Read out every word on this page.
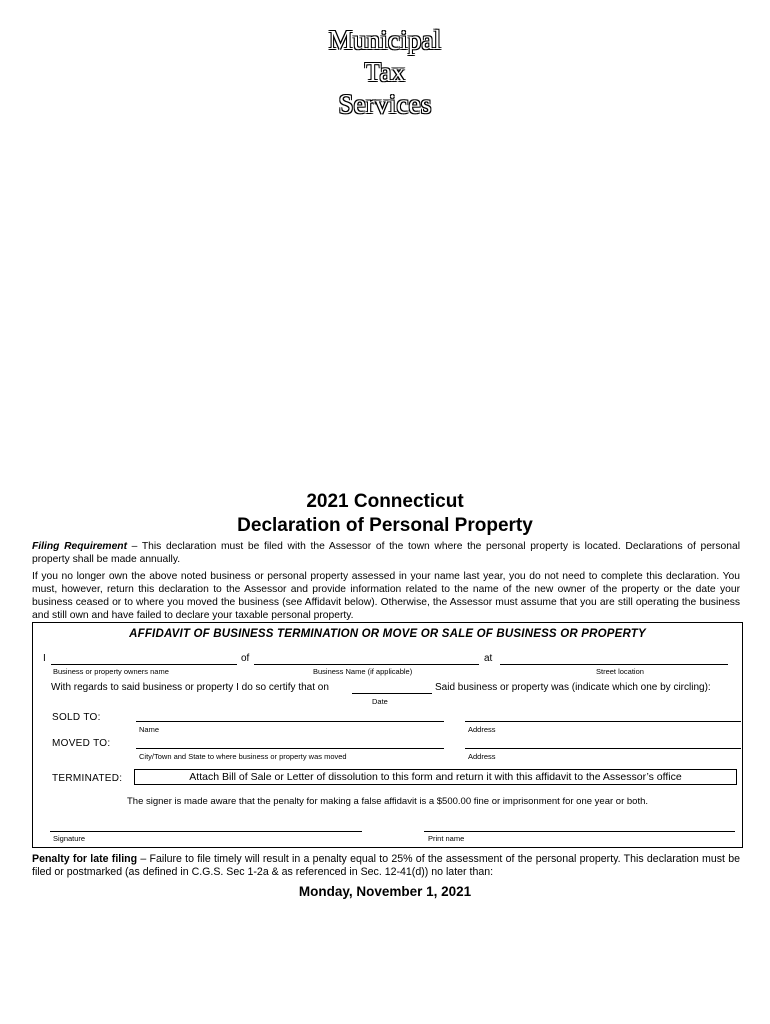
Municipal
Tax
Services
2021 Connecticut
Declaration of Personal Property
Filing Requirement – This declaration must be filed with the Assessor of the town where the personal property is located. Declarations of personal property shall be made annually.
If you no longer own the above noted business or personal property assessed in your name last year, you do not need to complete this declaration. You must, however, return this declaration to the Assessor and provide information related to the name of the new owner of the property or the date your business ceased or to where you moved the business (see Affidavit below). Otherwise, the Assessor must assume that you are still operating the business and still own and have failed to declare your taxable personal property.
AFFIDAVIT OF BUSINESS TERMINATION OR MOVE OR SALE OF BUSINESS OR PROPERTY
I	of	at
Business or property owners name	Business Name (if applicable)	Street location
With regards to said business or property I do so certify that on	Said business or property was (indicate which one by circling):
Date
SOLD TO:
Name	Address
MOVED TO:
City/Town and State to where business or property was moved	Address
TERMINATED:	Attach Bill of Sale or Letter of dissolution to this form and return it with this affidavit to the Assessor’s office
The signer is made aware that the penalty for making a false affidavit is a $500.00 fine or imprisonment for one year or both.
Signature	Print name
Penalty for late filing – Failure to file timely will result in a penalty equal to 25% of the assessment of the personal property. This declaration must be filed or postmarked (as defined in C.G.S. Sec 1-2a & as referenced in Sec. 12-41(d)) no later than:
Monday, November 1, 2021
